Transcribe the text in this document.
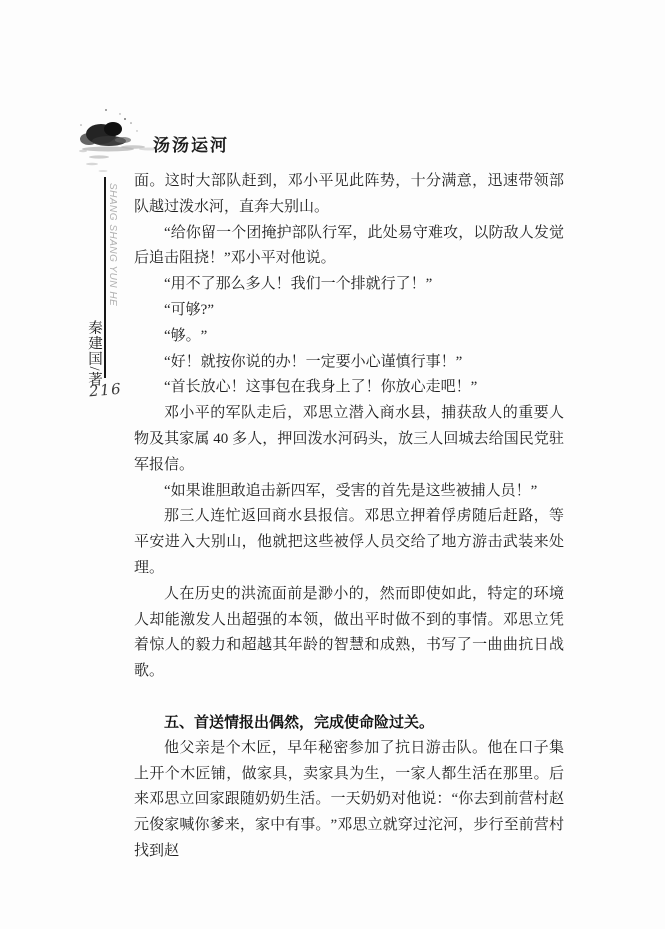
汤汤运河
SHANG SHANG YUN HE
秦建国/著
216

面。这时大部队赶到，邓小平见此阵势，十分满意，迅速带领部队越过泼水河，直奔大别山。

“给你留一个团掩护部队行军，此处易守难攻，以防敌人发觉后追击阻挠！”邓小平对他说。

“用不了那么多人！我们一个排就行了！”

“可够?”

“够。”

“好！就按你说的办！一定要小心谨慎行事！”

“首长放心！这事包在我身上了！你放心走吧！”

邓小平的军队走后，邓思立潜入商水县，捕获敌人的重要人物及其家属 40 多人，押回泼水河码头，放三人回城去给国民党驻军报信。

“如果谁胆敢追击新四军，受害的首先是这些被捕人员！”

那三人连忙返回商水县报信。邓思立押着俘虏随后赶路，等平安进入大别山，他就把这些被俘人员交给了地方游击武装来处理。

人在历史的洪流面前是渺小的，然而即使如此，特定的环境人却能激发人出超强的本领，做出平时做不到的事情。邓思立凭着惊人的毅力和超越其年龄的智慧和成熟，书写了一曲曲抗日战歌。

五、首送情报出偶然，完成使命险过关。

他父亲是个木匠，早年秘密参加了抗日游击队。他在口子集上开个木匠铺，做家具，卖家具为生，一家人都生活在那里。后来邓思立回家跟随奶奶生活。一天奶奶对他说：“你去到前营村赵元俊家喊你爹来，家中有事。”邓思立就穿过沱河，步行至前营村找到赵
